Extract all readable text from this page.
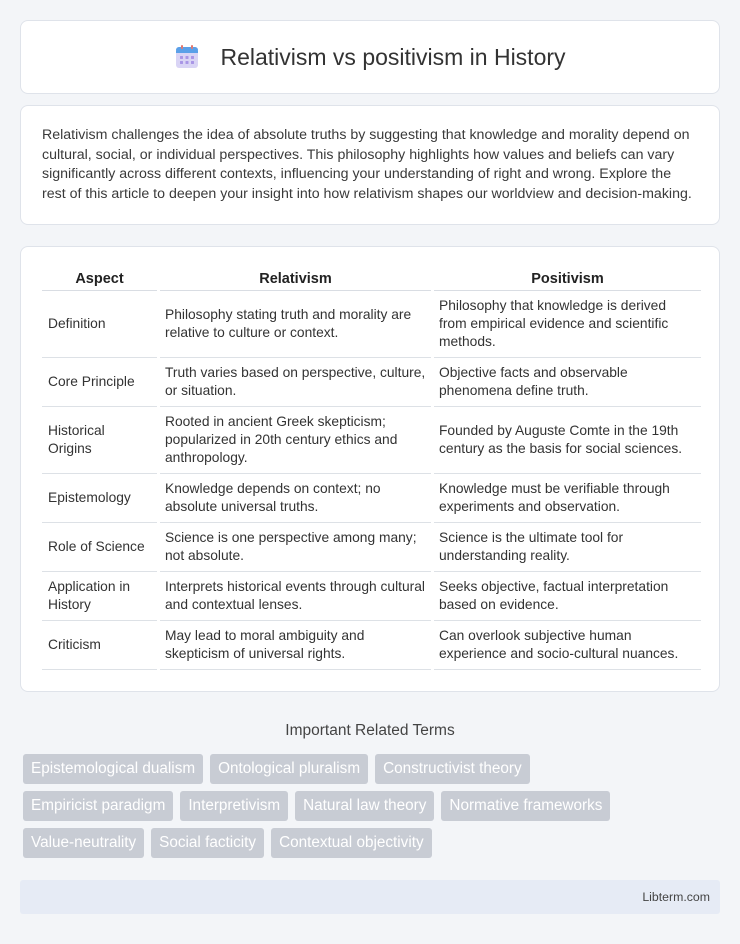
Relativism vs positivism in History

Relativism challenges the idea of absolute truths by suggesting that knowledge and morality depend on cultural, social, or individual perspectives. This philosophy highlights how values and beliefs can vary significantly across different contexts, influencing your understanding of right and wrong. Explore the rest of this article to deepen your insight into how relativism shapes our worldview and decision-making.

Aspect	Relativism	Positivism
Definition	Philosophy stating truth and morality are relative to culture or context.	Philosophy that knowledge is derived from empirical evidence and scientific methods.
Core Principle	Truth varies based on perspective, culture, or situation.	Objective facts and observable phenomena define truth.
Historical Origins	Rooted in ancient Greek skepticism; popularized in 20th century ethics and anthropology.	Founded by Auguste Comte in the 19th century as the basis for social sciences.
Epistemology	Knowledge depends on context; no absolute universal truths.	Knowledge must be verifiable through experiments and observation.
Role of Science	Science is one perspective among many; not absolute.	Science is the ultimate tool for understanding reality.
Application in History	Interprets historical events through cultural and contextual lenses.	Seeks objective, factual interpretation based on evidence.
Criticism	May lead to moral ambiguity and skepticism of universal rights.	Can overlook subjective human experience and socio-cultural nuances.
Important Related Terms
Epistemological dualism	Ontological pluralism	Constructivist theory
Empiricist paradigm	Interpretivism	Natural law theory	Normative frameworks
Value-neutrality	Social facticity	Contextual objectivity
Libterm.com
